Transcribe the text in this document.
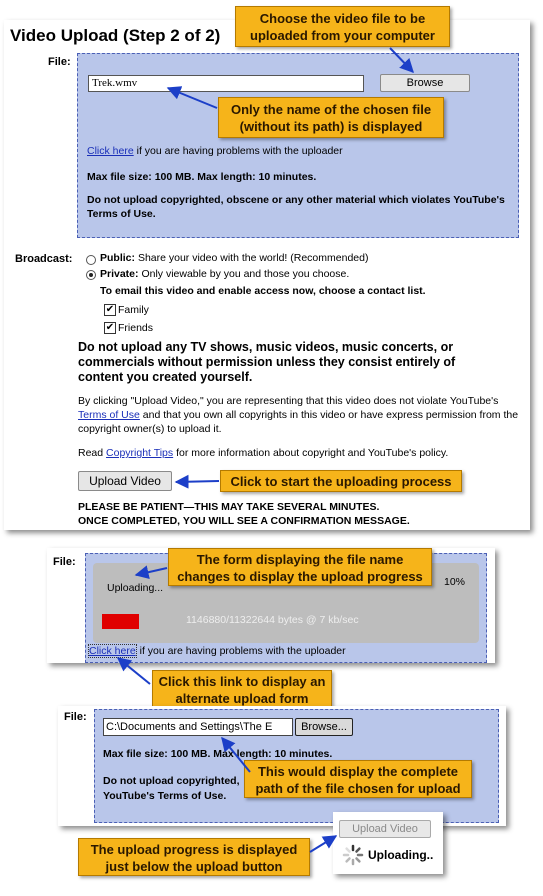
Video Upload (Step 2 of 2)
File:
Trek.wmv	Browse
Click here if you are having problems with the uploader
Max file size: 100 MB. Max length: 10 minutes.
Do not upload copyrighted, obscene or any other material which violates YouTube's Terms of Use.
Broadcast:	Public: Share your video with the world! (Recommended)
Private: Only viewable by you and those you choose.
To email this video and enable access now, choose a contact list.
✔ Family
✔ Friends
Do not upload any TV shows, music videos, music concerts, or commercials without permission unless they consist entirely of content you created yourself.
By clicking "Upload Video," you are representing that this video does not violate YouTube's Terms of Use and that you own all copyrights in this video or have express permission from the copyright owner(s) to upload it.
Read Copyright Tips for more information about copyright and YouTube's policy.
Upload Video
PLEASE BE PATIENT—THIS MAY TAKE SEVERAL MINUTES.
ONCE COMPLETED, YOU WILL SEE A CONFIRMATION MESSAGE.
Choose the video file to be uploaded from your computer
Only the name of the chosen file (without its path) is displayed
Click to start the uploading process
File:
Uploading...	10%
1146880/11322644 bytes @ 7 kb/sec
Click here if you are having problems with the uploader
The form displaying the file name changes to display the upload progress
Click this link to display an alternate upload form
File:
C:\Documents and Settings\The E	Browse...
Max file size: 100 MB. Max length: 10 minutes.
Do not upload copyrighted,
YouTube's Terms of Use.
This would display the complete path of the file chosen for upload
Upload Video
Uploading..
The upload progress is displayed just below the upload button
